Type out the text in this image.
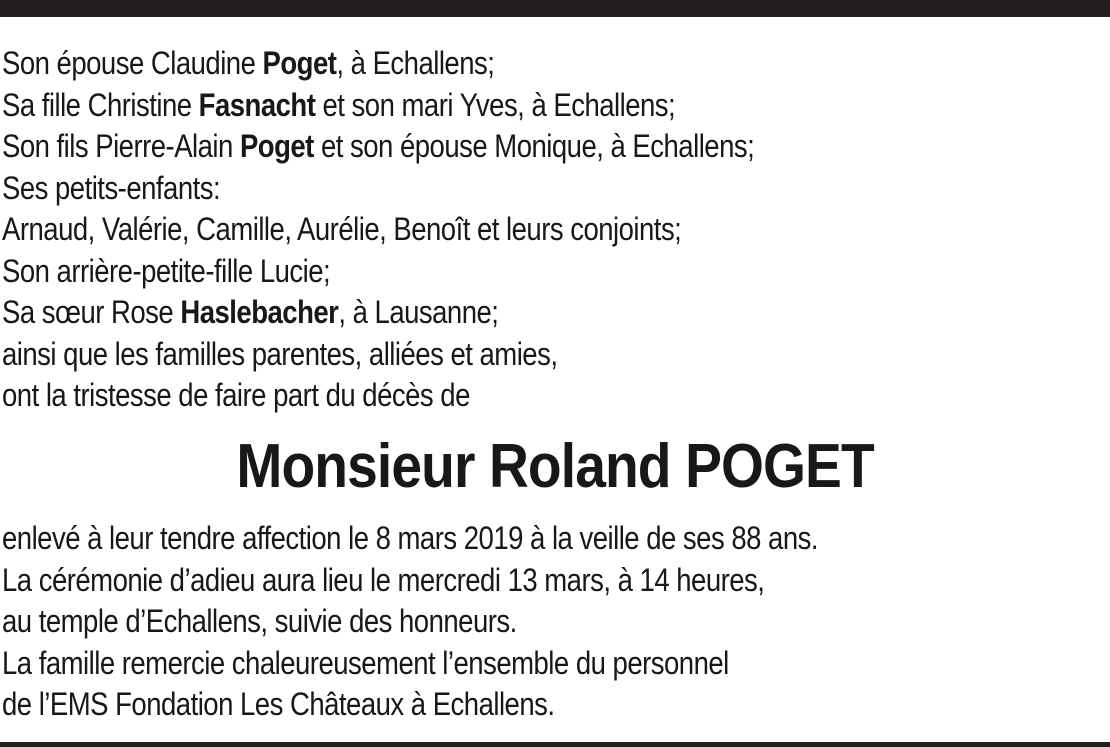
Son épouse Claudine Poget, à Echallens;
Sa fille Christine Fasnacht et son mari Yves, à Echallens;
Son fils Pierre-Alain Poget et son épouse Monique, à Echallens;
Ses petits-enfants:
Arnaud, Valérie, Camille, Aurélie, Benoît et leurs conjoints;
Son arrière-petite-fille Lucie;
Sa sœur Rose Haslebacher, à Lausanne;
ainsi que les familles parentes, alliées et amies,
ont la tristesse de faire part du décès de
Monsieur Roland POGET
enlevé à leur tendre affection le 8 mars 2019 à la veille de ses 88 ans.
La cérémonie d’adieu aura lieu le mercredi 13 mars, à 14 heures,
au temple d’Echallens, suivie des honneurs.
La famille remercie chaleureusement l’ensemble du personnel
de l’EMS Fondation Les Châteaux à Echallens.
